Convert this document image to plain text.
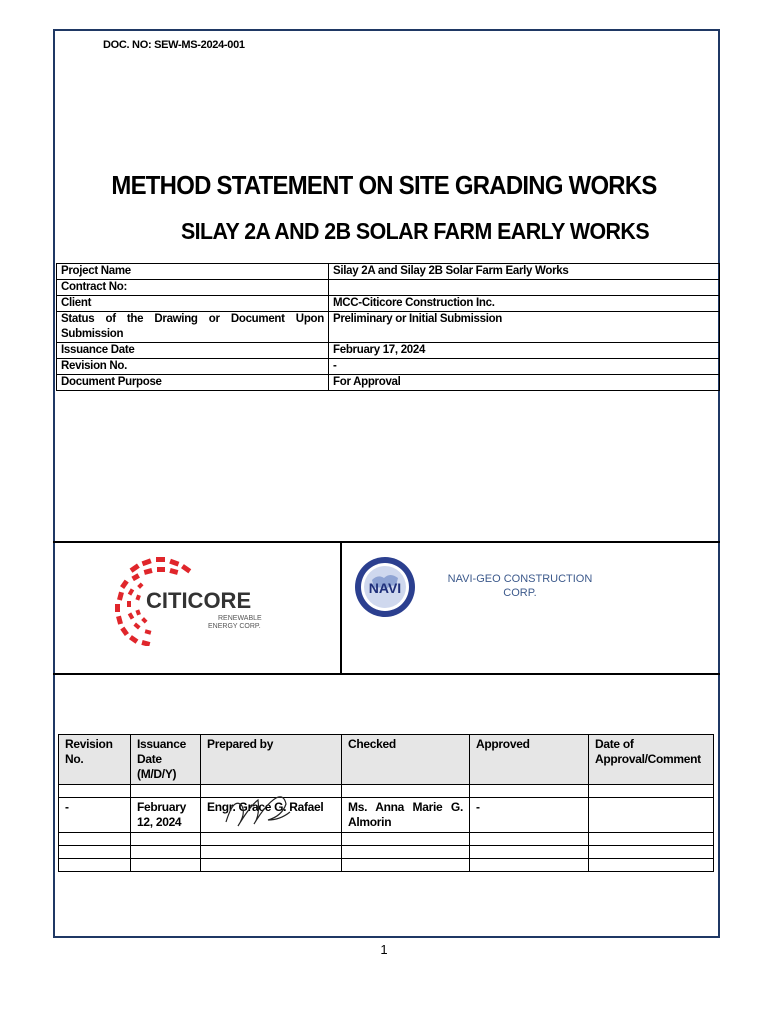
DOC. NO: SEW-MS-2024-001
METHOD STATEMENT ON SITE GRADING WORKS
SILAY 2A AND 2B SOLAR FARM EARLY WORKS
Project Name	Silay 2A and Silay 2B Solar Farm Early Works
Contract No:	
Client	MCC-Citicore Construction Inc.
Status of the Drawing or Document Upon Submission	Preliminary or Initial Submission
Issuance Date	February 17, 2024
Revision No.	-
Document Purpose	For Approval
CITICORE
RENEWABLE
ENERGY CORP.
NAVI
NAVI-GEO CONSTRUCTION CORP.
Revision No.	Issuance Date (M/D/Y)	Prepared by	Checked	Approved	Date of Approval/Comment

-	February 12, 2024	Engr. Grace G. Rafael	Ms. Anna Marie G. Almorin	-	

1
